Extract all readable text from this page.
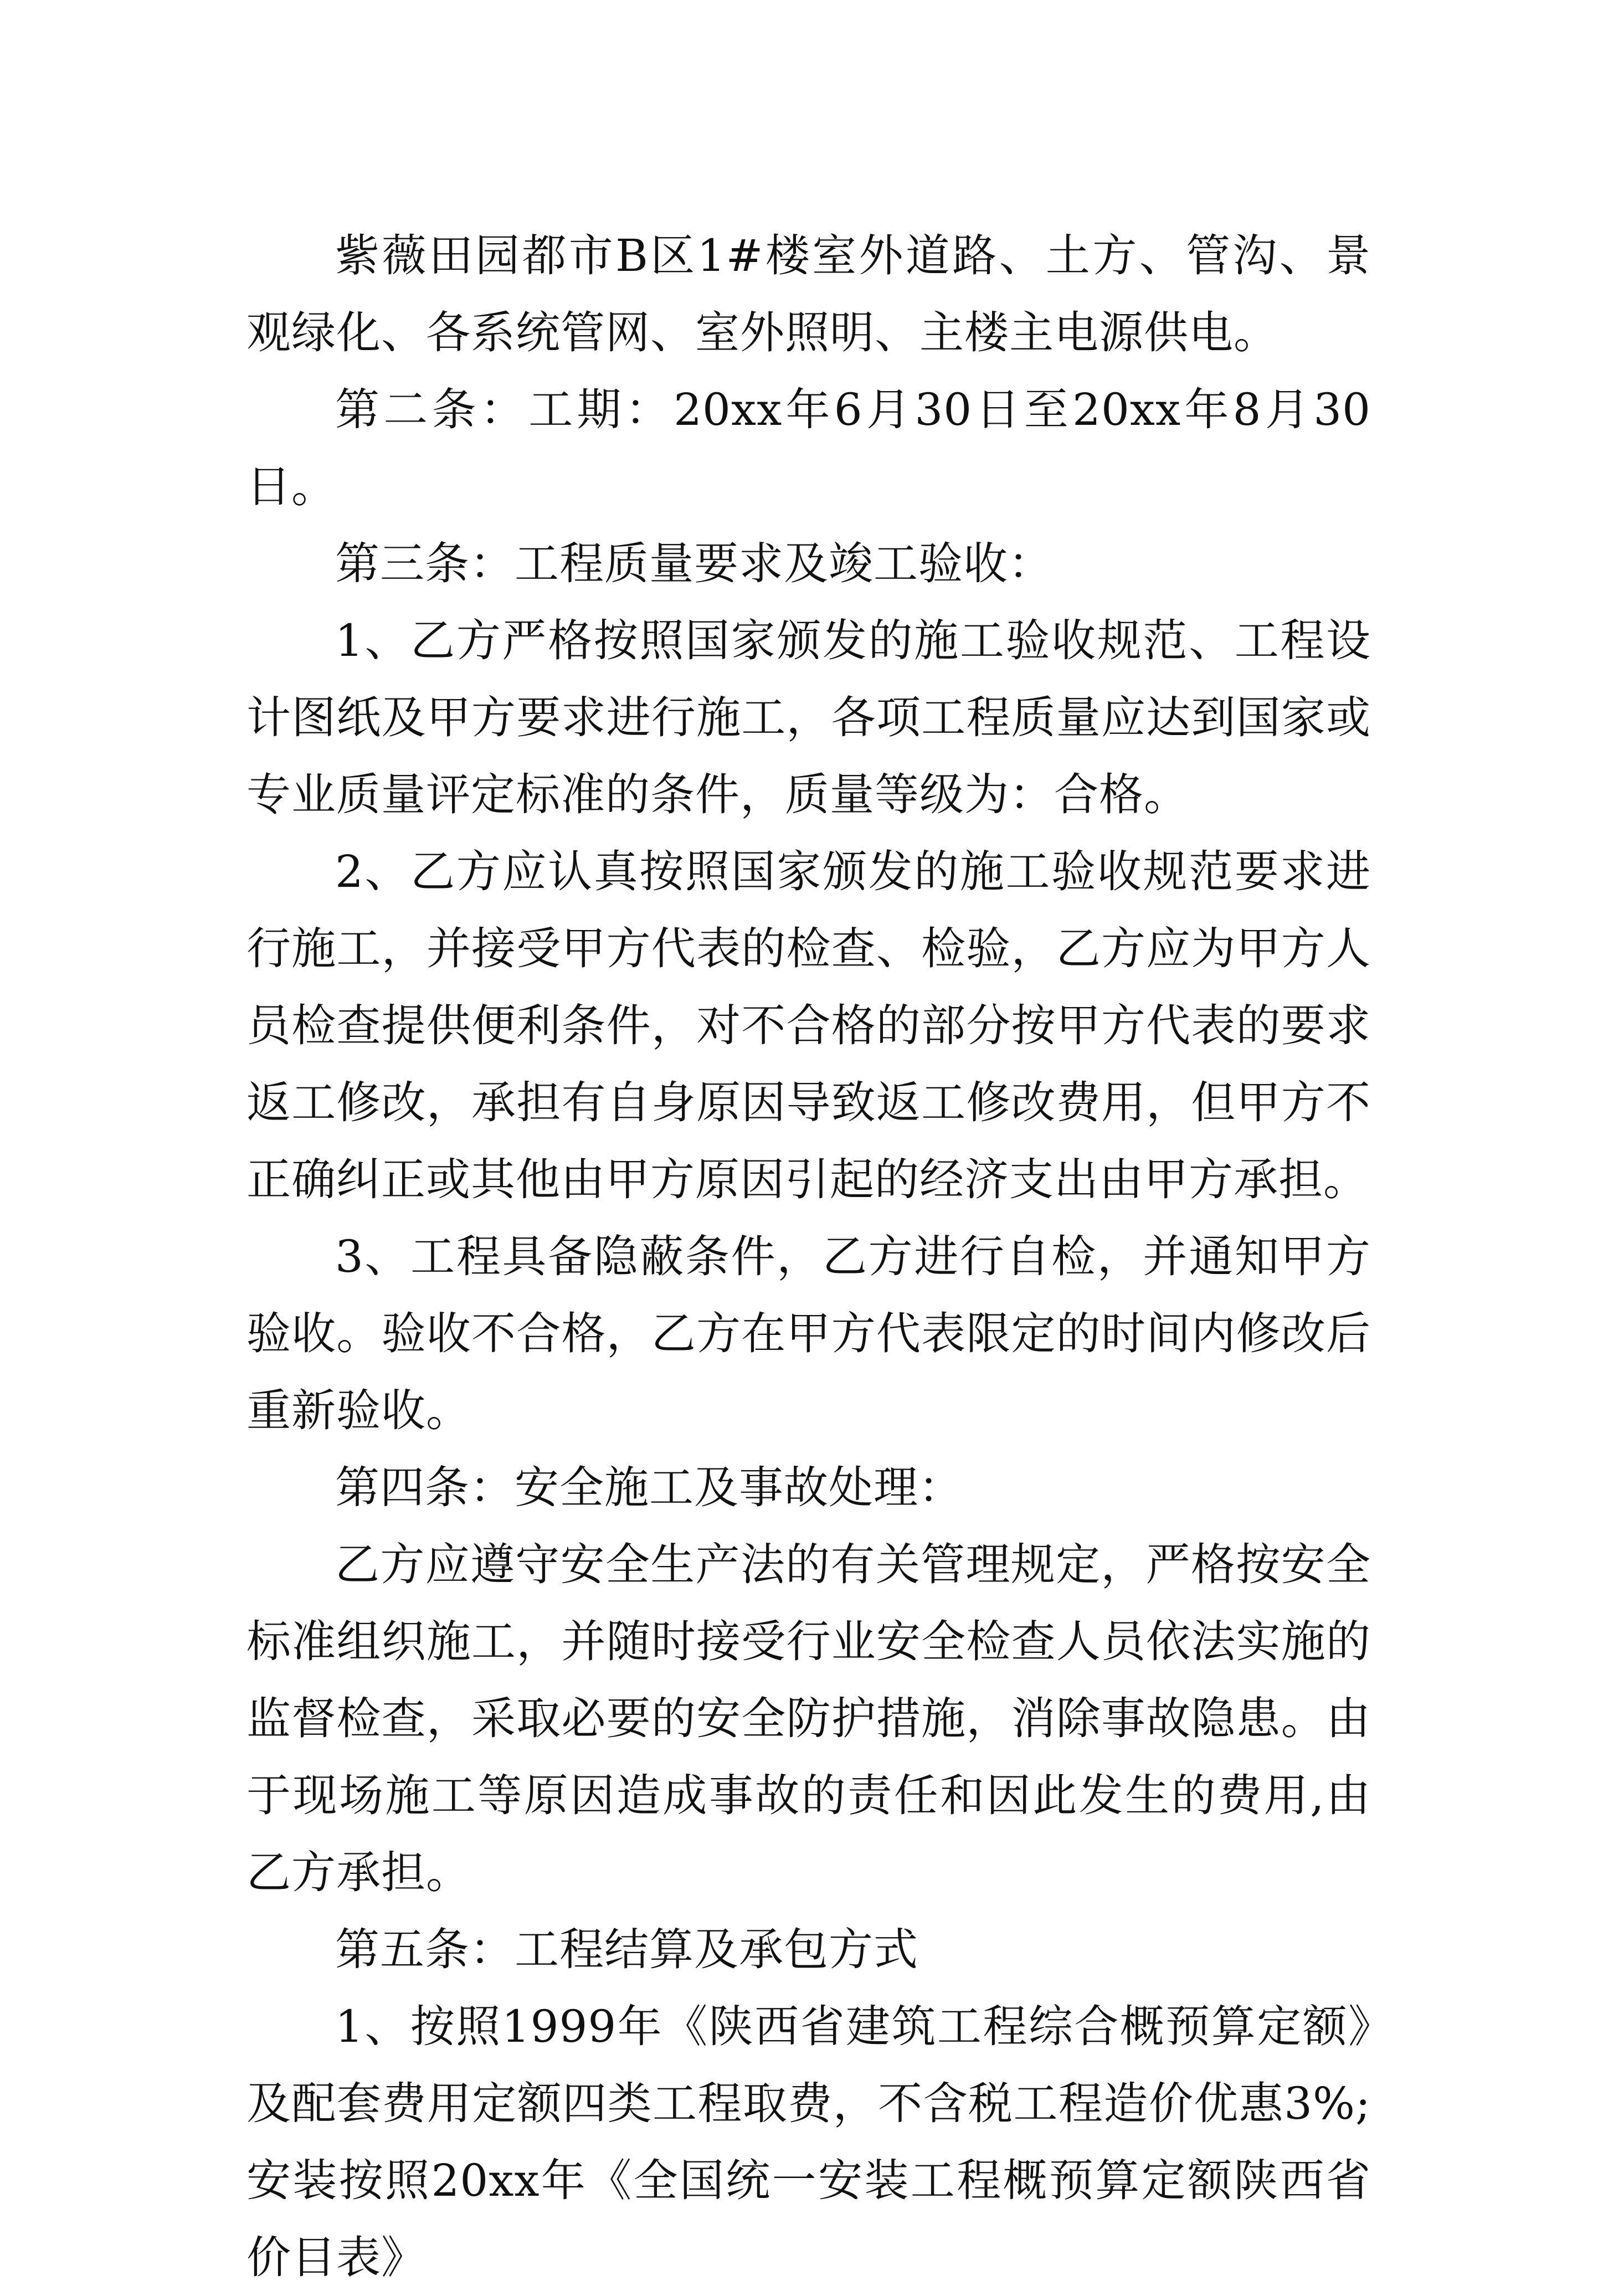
紫薇田园都市B区1#楼室外道路、土方、管沟、景观绿化、各系统管网、室外照明、主楼主电源供电。

第二条：工期：20xx年6月30日至20xx年8月30日。

第三条：工程质量要求及竣工验收：

1、乙方严格按照国家颁发的施工验收规范、工程设计图纸及甲方要求进行施工，各项工程质量应达到国家或专业质量评定标准的条件，质量等级为：合格。

2、乙方应认真按照国家颁发的施工验收规范要求进行施工，并接受甲方代表的检查、检验，乙方应为甲方人员检查提供便利条件，对不合格的部分按甲方代表的要求返工修改，承担有自身原因导致返工修改费用，但甲方不正确纠正或其他由甲方原因引起的经济支出由甲方承担。

3、工程具备隐蔽条件，乙方进行自检，并通知甲方验收。验收不合格，乙方在甲方代表限定的时间内修改后重新验收。

第四条：安全施工及事故处理：

乙方应遵守安全生产法的有关管理规定，严格按安全标准组织施工，并随时接受行业安全检查人员依法实施的监督检查，采取必要的安全防护措施，消除事故隐患。由于现场施工等原因造成事故的责任和因此发生的费用,由乙方承担。

第五条：工程结算及承包方式

1、按照1999年《陕西省建筑工程综合概预算定额》及配套费用定额四类工程取费，不含税工程造价优惠3%;安装按照20xx年《全国统一安装工程概预算定额陕西省价目表》
